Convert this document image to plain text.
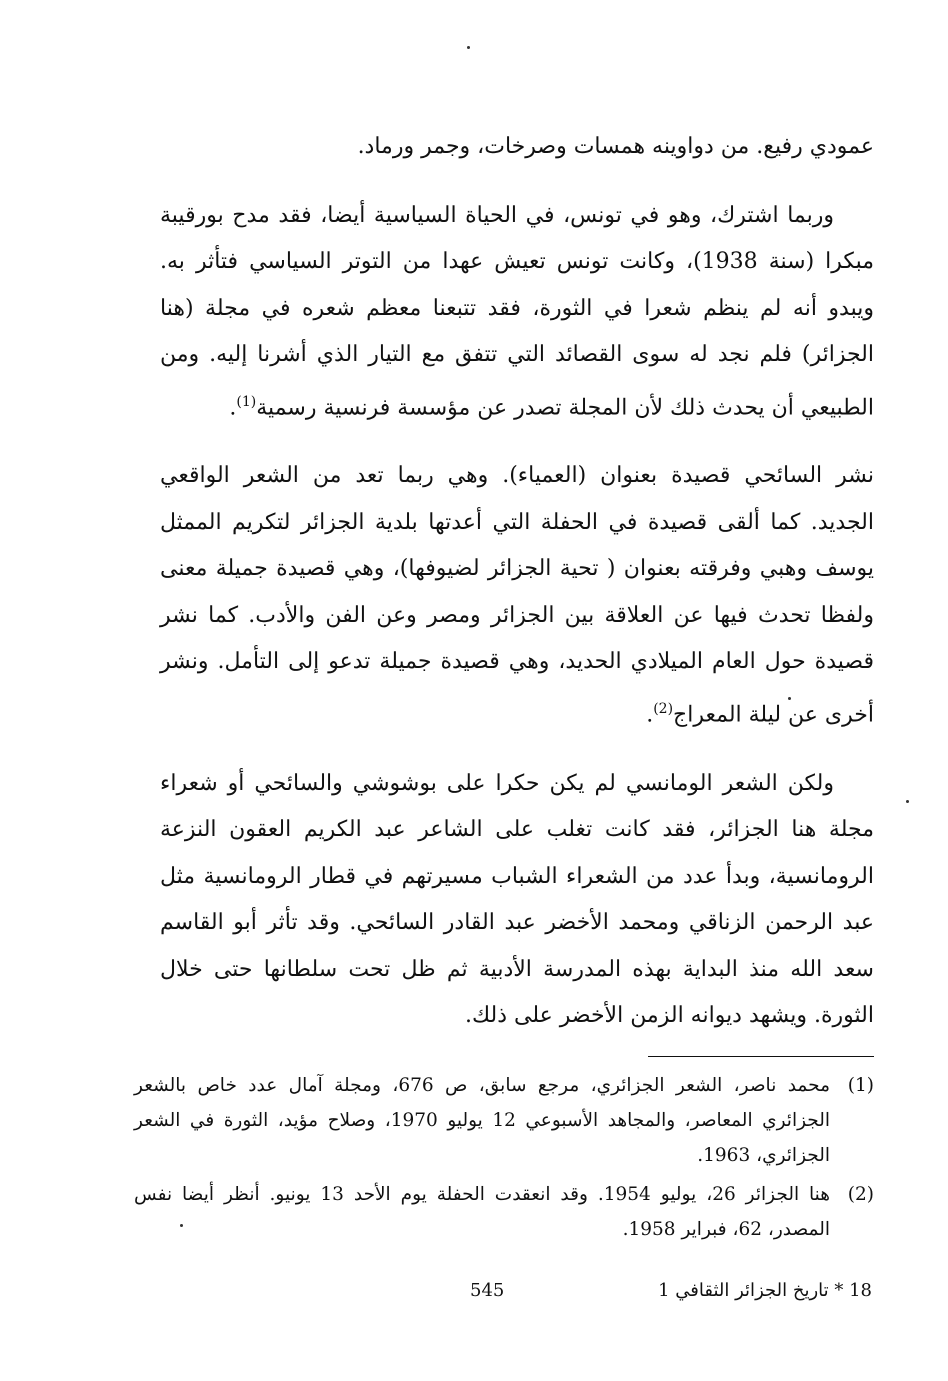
عمودي رفيع. من دواوينه همسات وصرخات، وجمر ورماد.

وربما اشترك، وهو في تونس، في الحياة السياسية أيضا، فقد مدح بورقيبة مبكرا (سنة 1938)، وكانت تونس تعيش عهدا من التوتر السياسي فتأثر به. ويبدو أنه لم ينظم شعرا في الثورة، فقد تتبعنا معظم شعره في مجلة (هنا الجزائر) فلم نجد له سوى القصائد التي تتفق مع التيار الذي أشرنا إليه. ومن الطبيعي أن يحدث ذلك لأن المجلة تصدر عن مؤسسة فرنسية رسمية$^{(1)}$.

نشر السائحي قصيدة بعنوان (العمياء). وهي ربما تعد من الشعر الواقعي الجديد. كما ألقى قصيدة في الحفلة التي أعدتها بلدية الجزائر لتكريم الممثل يوسف وهبي وفرقته بعنوان ( تحية الجزائر لضيوفها)، وهي قصيدة جميلة معنى ولفظا تحدث فيها عن العلاقة بين الجزائر ومصر وعن الفن والأدب. كما نشر قصيدة حول العام الميلادي الحديد، وهي قصيدة جميلة تدعو إلى التأمل. ونشر أخرى عن ليلة المعراج$^{(2)}$.

ولكن الشعر الومانسي لم يكن حكرا على بوشوشي والسائحي أو شعراء مجلة هنا الجزائر، فقد كانت تغلب على الشاعر عبد الكريم العقون النزعة الرومانسية، وبدأ عدد من الشعراء الشباب مسيرتهم في قطار الرومانسية مثل عبد الرحمن الزناقي ومحمد الأخضر عبد القادر السائحي. وقد تأثر أبو القاسم سعد الله منذ البداية بهذه المدرسة الأدبية ثم ظل تحت سلطانها حتى خلال الثورة. ويشهد ديوانه الزمن الأخضر على ذلك.

(1)
محمد ناصر، الشعر الجزائري، مرجع سابق، ص 676، ومجلة آمال عدد خاص بالشعر الجزائري المعاصر، والمجاهد الأسبوعي 12 يوليو 1970، وصلاح مؤيد، الثورة في الشعر الجزائري، 1963.
(2)
هنا الجزائر 26، يوليو 1954. وقد انعقدت الحفلة يوم الأحد 13 يونيو. أنظر أيضا نفس المصدر، 62، فبراير 1958.
545	18 * تاريخ الجزائر الثقافي 1
